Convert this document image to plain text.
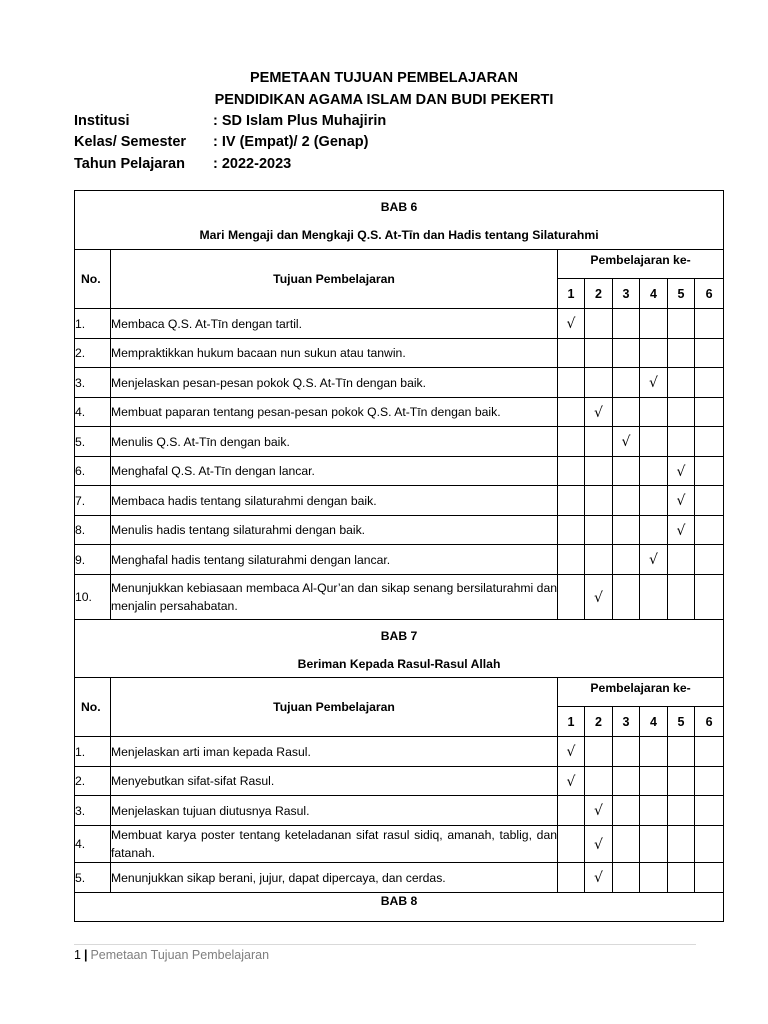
PEMETAAN TUJUAN PEMBELAJARAN
PENDIDIKAN AGAMA ISLAM DAN BUDI PEKERTI
Institusi	: SD Islam Plus Muhajirin
Kelas/ Semester : IV (Empat)/ 2 (Genap)
Tahun Pelajaran : 2022-2023
BAB 6
Mari Mengaji dan Mengkaji Q.S. At-Tīn dan Hadis tentang Silaturahmi							

No.	Tujuan Pembelajaran	Pembelajaran ke-					
		1	2	3	4	5	6
1.	Membaca Q.S. At-Tīn dengan tartil.	√					
2.	Mempraktikkan hukum bacaan nun sukun atau tanwin.						
3.	Menjelaskan pesan-pesan pokok Q.S. At-Tīn dengan baik.				√		
4.	Membuat paparan tentang pesan-pesan pokok Q.S. At-Tīn dengan baik.		√				
5.	Menulis Q.S. At-Tīn dengan baik.			√			
6.	Menghafal Q.S. At-Tīn dengan lancar.					√	
7.	Membaca hadis tentang silaturahmi dengan baik.					√	
8.	Menulis hadis tentang silaturahmi dengan baik.					√	
9.	Menghafal hadis tentang silaturahmi dengan lancar.				√		
10.	Menunjukkan kebiasaan membaca Al-Qur’an dan sikap senang bersilaturahmi dan menjalin persahabatan.		√				

BAB 7
Beriman Kepada Rasul-Rasul Allah							

No.	Tujuan Pembelajaran	Pembelajaran ke-					
		1	2	3	4	5	6
1.	Menjelaskan arti iman kepada Rasul.	√					
2.	Menyebutkan sifat-sifat Rasul.	√					
3.	Menjelaskan tujuan diutusnya Rasul.		√				
4.	Membuat karya poster tentang keteladanan sifat rasul sidiq, amanah, tablig, dan fatanah.		√				
5.	Menunjukkan sikap berani, jujur, dapat dipercaya, dan cerdas.		√				

BAB 8							
1 | Pemetaan Tujuan Pembelajaran
